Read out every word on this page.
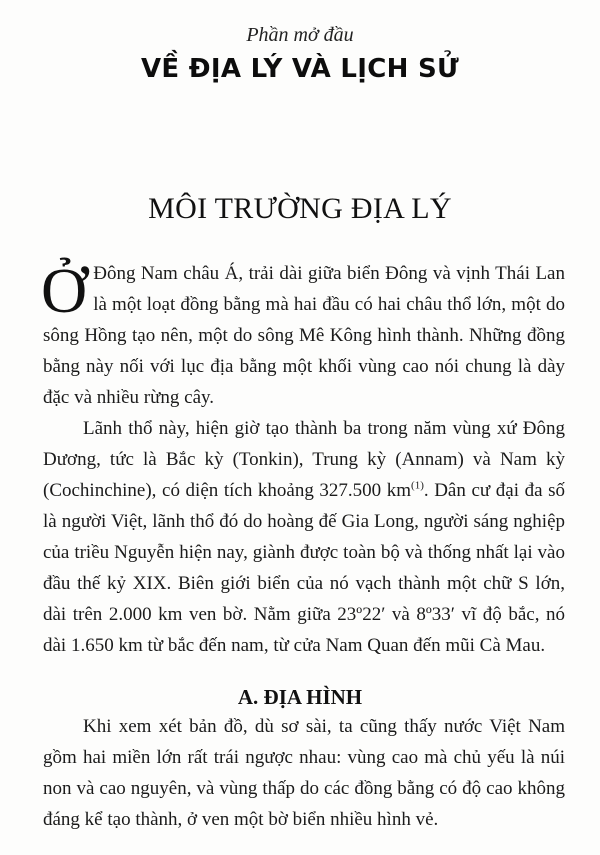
Phần mở đầu
VỀ ĐỊA LÝ VÀ LỊCH SỬ
MÔI TRƯỜNG ĐỊA LÝ
Ở Đông Nam châu Á, trải dài giữa biển Đông và vịnh Thái Lan là một loạt đồng bằng mà hai đầu có hai châu thổ lớn, một do sông Hồng tạo nên, một do sông Mê Kông hình thành. Những đồng bằng này nối với lục địa bằng một khối vùng cao nói chung là dày đặc và nhiều rừng cây.
Lãnh thổ này, hiện giờ tạo thành ba trong năm vùng xứ Đông Dương, tức là Bắc kỳ (Tonkin), Trung kỳ (Annam) và Nam kỳ (Cochinchine), có diện tích khoảng 327.500 $km^{(1)}$. Dân cư đại đa số là người Việt, lãnh thổ đó do hoàng đế Gia Long, người sáng nghiệp của triều Nguyễn hiện nay, giành được toàn bộ và thống nhất lại vào đầu thế kỷ XIX. Biên giới biển của nó vạch thành một chữ S lớn, dài trên 2.000 km ven bờ. Nằm giữa 23º22′ và 8º33′ vĩ độ bắc, nó dài 1.650 km từ bắc đến nam, từ cửa Nam Quan đến mũi Cà Mau.
A. ĐỊA HÌNH
Khi xem xét bản đồ, dù sơ sài, ta cũng thấy nước Việt Nam gồm hai miền lớn rất trái ngược nhau: vùng cao mà chủ yếu là núi non và cao nguyên, và vùng thấp do các đồng bằng có độ cao không đáng kể tạo thành, ở ven một bờ biển nhiều hình vẻ.
